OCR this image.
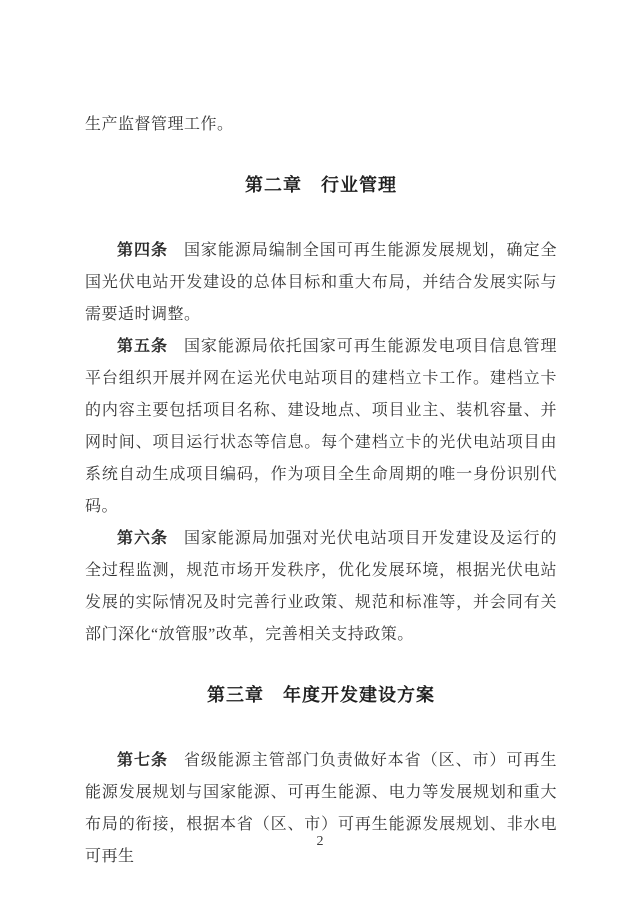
生产监督管理工作。

第二章　行业管理

第四条 国家能源局编制全国可再生能源发展规划，确定全国光伏电站开发建设的总体目标和重大布局，并结合发展实际与需要适时调整。

第五条 国家能源局依托国家可再生能源发电项目信息管理平台组织开展并网在运光伏电站项目的建档立卡工作。建档立卡的内容主要包括项目名称、建设地点、项目业主、装机容量、并网时间、项目运行状态等信息。每个建档立卡的光伏电站项目由系统自动生成项目编码，作为项目全生命周期的唯一身份识别代码。

第六条 国家能源局加强对光伏电站项目开发建设及运行的全过程监测，规范市场开发秩序，优化发展环境，根据光伏电站发展的实际情况及时完善行业政策、规范和标准等，并会同有关部门深化“放管服”改革，完善相关支持政策。

第三章　年度开发建设方案

第七条 省级能源主管部门负责做好本省（区、市）可再生能源发展规划与国家能源、可再生能源、电力等发展规划和重大布局的衔接，根据本省（区、市）可再生能源发展规划、非水电可再生

2
